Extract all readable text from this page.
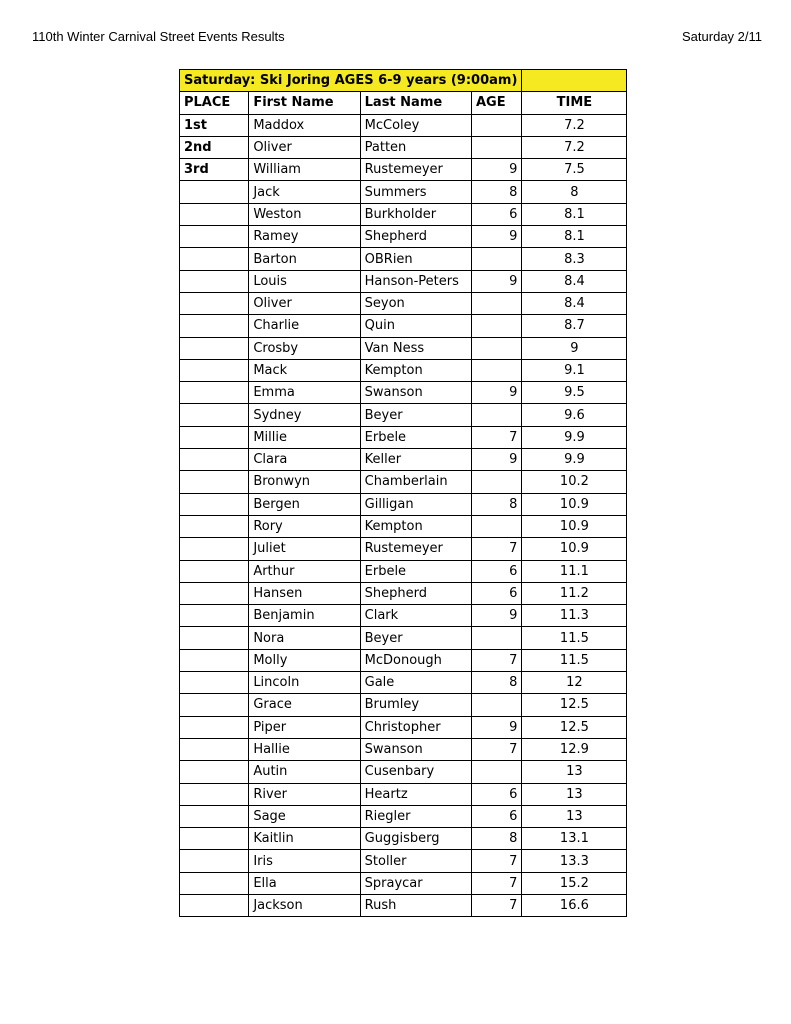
110th Winter Carnival Street Events Results	Saturday 2/11
Saturday: Ski Joring AGES 6-9 years (9:00am)				
PLACE	First Name	Last Name	AGE	TIME
1st	Maddox	McColey		7.2
2nd	Oliver	Patten		7.2
3rd	William	Rustemeyer	9	7.5
	Jack	Summers	8	8
	Weston	Burkholder	6	8.1
	Ramey	Shepherd	9	8.1
	Barton	OBRien		8.3
	Louis	Hanson-Peters	9	8.4
	Oliver	Seyon		8.4
	Charlie	Quin		8.7
	Crosby	Van Ness		9
	Mack	Kempton		9.1
	Emma	Swanson	9	9.5
	Sydney	Beyer		9.6
	Millie	Erbele	7	9.9
	Clara	Keller	9	9.9
	Bronwyn	Chamberlain		10.2
	Bergen	Gilligan	8	10.9
	Rory	Kempton		10.9
	Juliet	Rustemeyer	7	10.9
	Arthur	Erbele	6	11.1
	Hansen	Shepherd	6	11.2
	Benjamin	Clark	9	11.3
	Nora	Beyer		11.5
	Molly	McDonough	7	11.5
	Lincoln	Gale	8	12
	Grace	Brumley		12.5
	Piper	Christopher	9	12.5
	Hallie	Swanson	7	12.9
	Autin	Cusenbary		13
	River	Heartz	6	13
	Sage	Riegler	6	13
	Kaitlin	Guggisberg	8	13.1
	Iris	Stoller	7	13.3
	Ella	Spraycar	7	15.2
	Jackson	Rush	7	16.6
